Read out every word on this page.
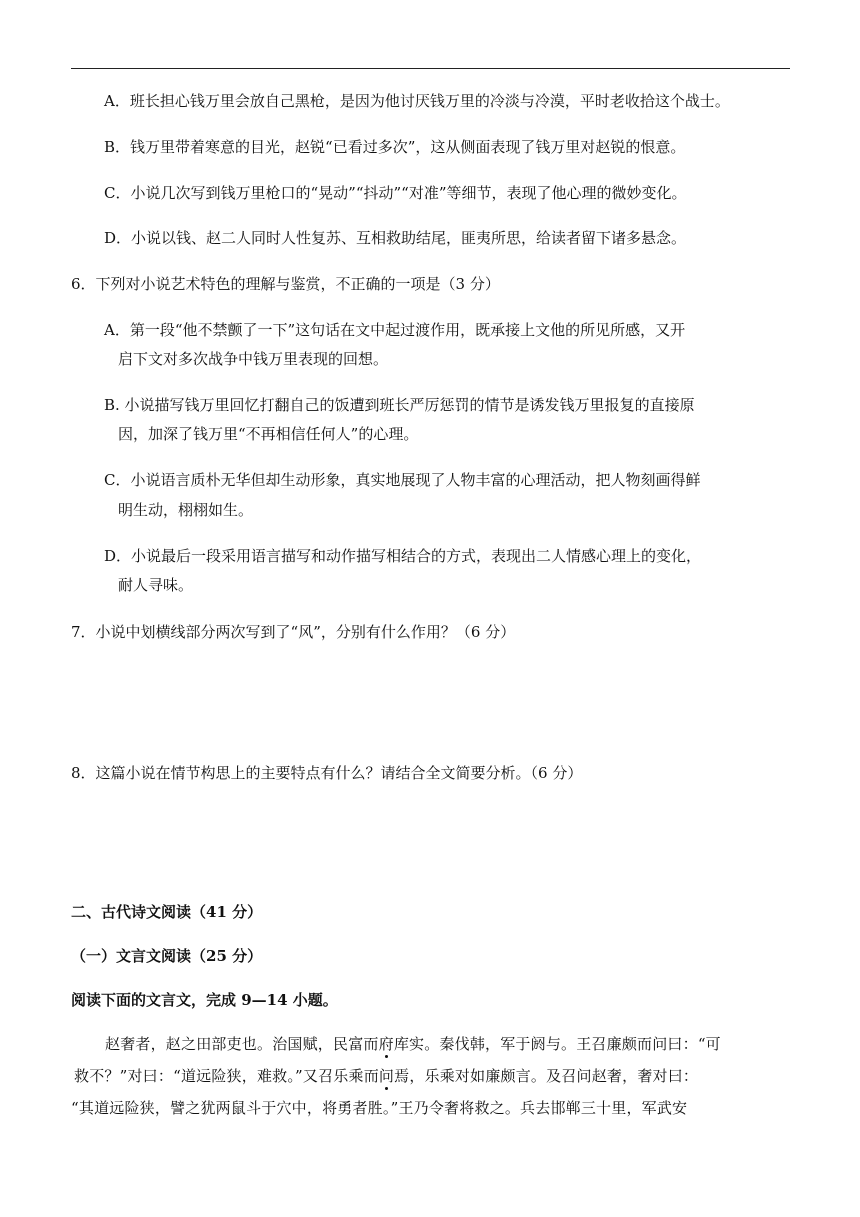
A．班长担心钱万里会放自己黑枪，是因为他讨厌钱万里的冷淡与冷漠，平时老收拾这个战士。
B．钱万里带着寒意的目光，赵锐“已看过多次”，这从侧面表现了钱万里对赵锐的恨意。
C．小说几次写到钱万里枪口的“晃动”“抖动”“对准”等细节，表现了他心理的微妙变化。
D．小说以钱、赵二人同时人性复苏、互相救助结尾，匪夷所思，给读者留下诸多悬念。
6．下列对小说艺术特色的理解与鉴赏，不正确的一项是（3 分）
A．第一段“他不禁颤了一下”这句话在文中起过渡作用，既承接上文他的所见所感，又开
启下文对多次战争中钱万里表现的回想。
B. 小说描写钱万里回忆打翻自己的饭遭到班长严厉惩罚的情节是诱发钱万里报复的直接原
因，加深了钱万里“不再相信任何人”的心理。
C．小说语言质朴无华但却生动形象，真实地展现了人物丰富的心理活动，把人物刻画得鲜
明生动，栩栩如生。
D．小说最后一段采用语言描写和动作描写相结合的方式，表现出二人情感心理上的变化，
耐人寻味。
7．小说中划横线部分两次写到了“风”，分别有什么作用？（6 分）
8．这篇小说在情节构思上的主要特点有什么？请结合全文简要分析。（6 分）
二、古代诗文阅读（41 分）
（一）文言文阅读（25 分）
阅读下面的文言文，完成 9—14 小题。
赵奢者，赵之田部吏也。治国赋，民富而府库实。秦伐韩，军于阏与。王召廉颇而问曰：“可
救不？”对曰：“道远险狭，难救。”又召乐乘而问焉，乐乘对如廉颇言。及召问赵奢，奢对曰：
“其道远险狭，譬之犹两鼠斗于穴中，将勇者胜。”王乃令奢将救之。兵去邯郸三十里，军武安
